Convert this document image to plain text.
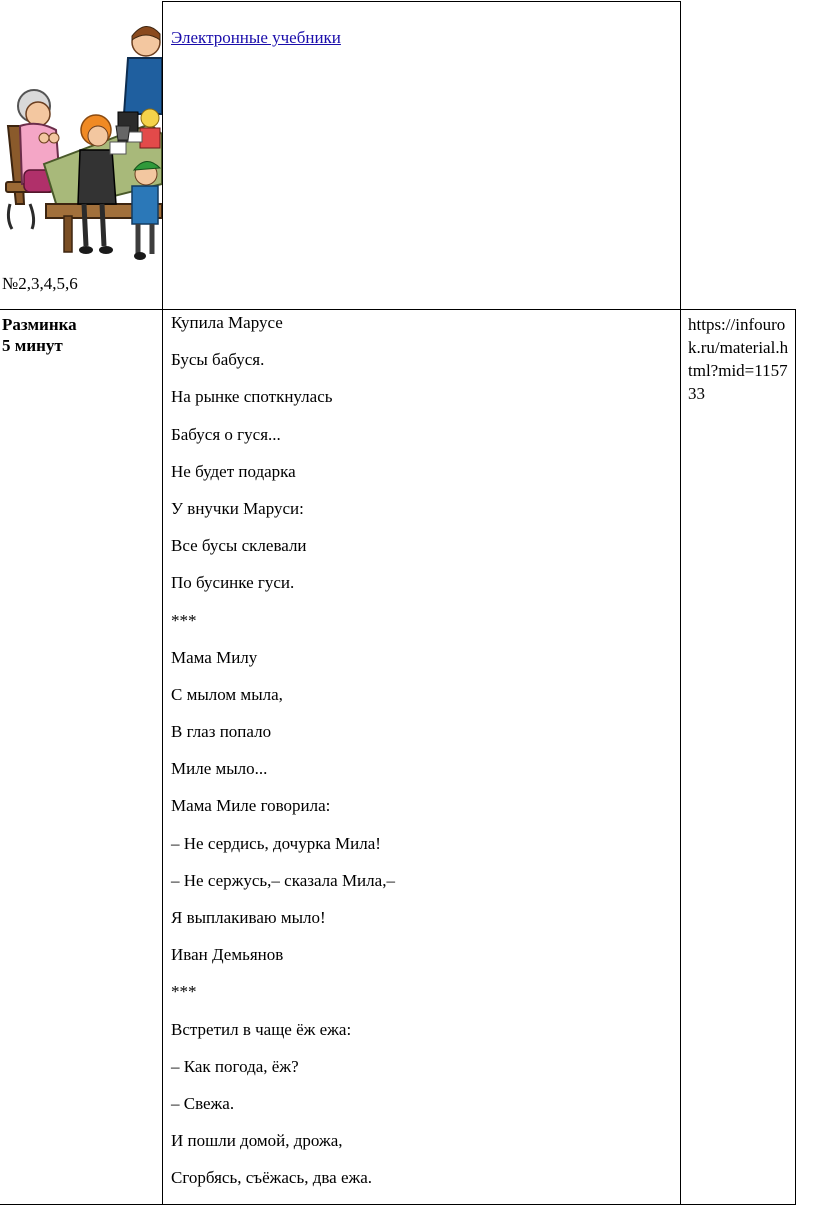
№2,3,4,5,6
Электронные учебники
Разминка
5 минут
Купила Марусе
Бусы бабуся.
На рынке споткнулась
Бабуся о гуся...
Не будет подарка
У внучки Маруси:
Все бусы склевали
По бусинке гуси.
***
Мама Милу
С мылом мыла,
В глаз попало
Миле мыло...
Мама Миле говорила:
– Не сердись, дочурка Мила!
– Не сержусь,– сказала Мила,–
Я выплакиваю мыло!
Иван Демьянов
***
Встретил в чаще ёж ежа:
– Как погода, ёж?
– Свежа.
И пошли домой, дрожа,
Сгорбясь, съёжась, два ежа.
https://infourok.ru/material.html?mid=115733
